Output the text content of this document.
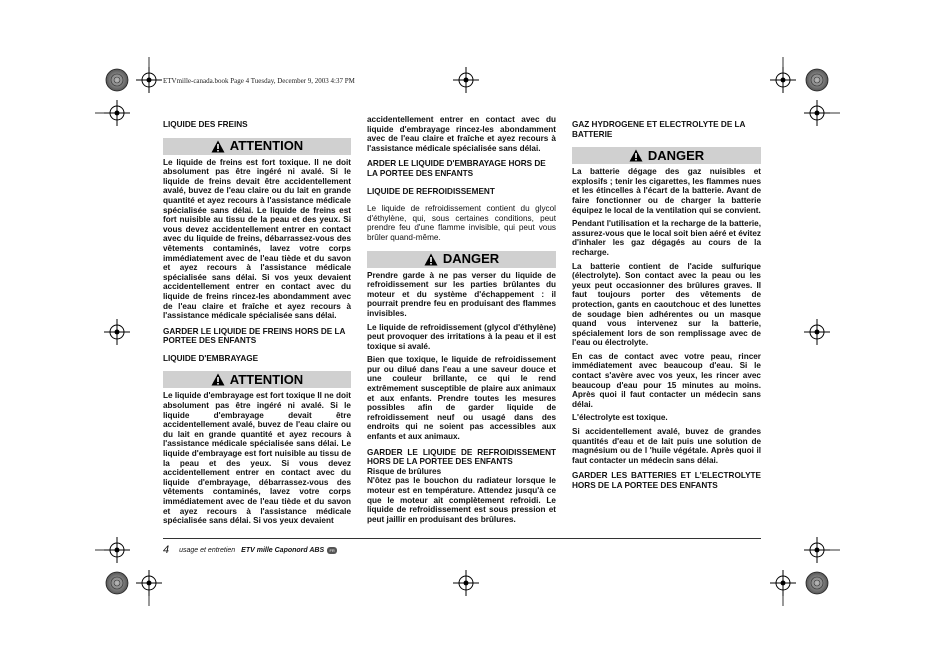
ETVmille-canada.book Page 4 Tuesday, December 9, 2003 4:37 PM
LIQUIDE DES FREINS
ATTENTION

Le liquide de freins est fort toxique. Il ne doit absolument pas être ingéré ni avalé. Si le liquide de freins devait être accidentellement avalé, buvez de l'eau claire ou du lait en grande quantité et ayez recours à l'assistance médicale spécialisée sans délai. Le liquide de freins est fort nuisible au tissu de la peau et des yeux. Si vous devez accidentellement entrer en contact avec du liquide de freins, débarrassez-vous des vêtements contaminés, lavez votre corps immédiatement avec de l'eau tiède et du savon et ayez recours à l'assistance médicale spécialisée sans délai. Si vos yeux devaient accidentellement entrer en contact avec du liquide de freins rincez-les abondamment avec de l'eau claire et fraîche et ayez recours à l'assistance médicale spécialisée sans délai.

GARDER LE LIQUIDE DE FREINS HORS DE LA PORTEE DES ENFANTS

LIQUIDE D'EMBRAYAGE
ATTENTION

Le liquide d'embrayage est fort toxique Il ne doit absolument pas être ingéré ni avalé. Si le liquide d'embrayage devait être accidentellement avalé, buvez de l'eau claire ou du lait en grande quantité et ayez recours à l'assistance médicale spécialisée sans délai. Le liquide d'embrayage est fort nuisible au tissu de la peau et des yeux. Si vous devez accidentellement entrer en contact avec du liquide d'embrayage, débarrassez-vous des vêtements contaminés, lavez votre corps immédiatement avec de l'eau tiède et du savon et ayez recours à l'assistance médicale spécialisée sans délai. Si vos yeux devaient

accidentellement entrer en contact avec du liquide d'embrayage rincez-les abondamment avec de l'eau claire et fraîche et ayez recours à l'assistance médicale spécialisée sans délai.

ARDER LE LIQUIDE D'EMBRAYAGE HORS DE LA PORTEE DES ENFANTS

LIQUIDE DE REFROIDISSEMENT

Le liquide de refroidissement contient du glycol d'éthylène, qui, sous certaines conditions, peut prendre feu d'une flamme invisible, qui peut vous brûler quand-même.

DANGER

Prendre garde à ne pas verser du liquide de refroidissement sur les parties brûlantes du moteur et du système d'échappement : il pourrait prendre feu en produisant des flammes invisibles.

Le liquide de refroidissement (glycol d'éthylène) peut provoquer des irritations à la peau et il est toxique si avalé.

Bien que toxique, le liquide de refroidissement pur ou dilué dans l'eau a une saveur douce et une couleur brillante, ce qui le rend extrêmement susceptible de plaire aux animaux et aux enfants. Prendre toutes les mesures possibles afin de garder liquide de refroidissement neuf ou usagé dans des endroits qui ne soient pas accessibles aux enfants et aux animaux.

GARDER LE LIQUIDE DE REFROIDISSEMENT HORS DE LA PORTEE DES ENFANTS

Risque de brûlures

N'ôtez pas le bouchon du radiateur lorsque le moteur est en température. Attendez jusqu'à ce que le moteur ait complètement refroidi. Le liquide de refroidissement est sous pression et peut jaillir en produisant des brûlures.

GAZ HYDROGENE ET ELECTROLYTE DE LA BATTERIE
DANGER

La batterie dégage des gaz nuisibles et explosifs ; tenir les cigarettes, les flammes nues et les étincelles à l'écart de la batterie. Avant de faire fonctionner ou de charger la batterie équipez le local de la ventilation qui se convient.

Pendant l'utilisation et la recharge de la batterie, assurez-vous que le local soit bien aéré et évitez d'inhaler les gaz dégagés au cours de la recharge.

La batterie contient de l'acide sulfurique (électrolyte). Son contact avec la peau ou les yeux peut occasionner des brûlures graves. Il faut toujours porter des vêtements de protection, gants en caoutchouc et des lunettes de soudage bien adhérentes ou un masque quand vous intervenez sur la batterie, spécialement lors de son remplissage avec de l'eau ou électrolyte.

En cas de contact avec votre peau, rincer immédiatement avec beaucoup d'eau. Si le contact s'avère avec vos yeux, les rincer avec beaucoup d'eau pour 15 minutes au moins. Après quoi il faut contacter un médecin sans délai.

L'électrolyte est toxique.

Si accidentellement avalé, buvez de grandes quantités d'eau et de lait puis une solution de magnésium ou de l 'huile végétale. Après quoi il faut contacter un médecin sans délai.

GARDER LES BATTERIES ET L'ELECTROLYTE HORS DE LA PORTEE DES ENFANTS

4 usage et entretien ETV mille Caponord ABS	FR
